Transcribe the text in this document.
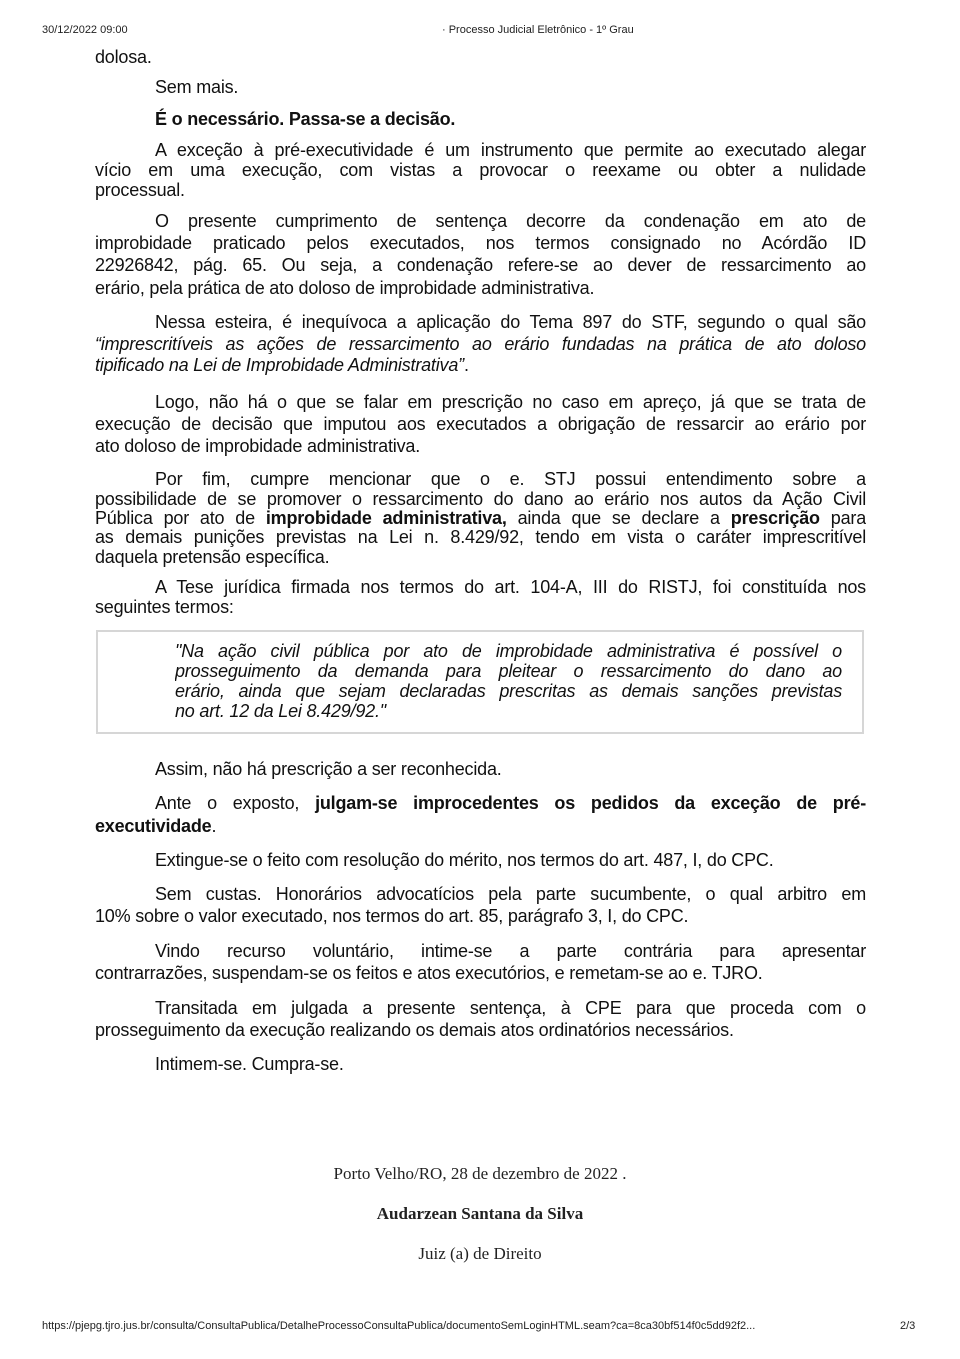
30/12/2022 09:00	· Processo Judicial Eletrônico - 1º Grau
dolosa.
Sem mais.
É o necessário. Passa-se a decisão.
A exceção à pré-executividade é um instrumento que permite ao executado alegar
vício em uma execução, com vistas a provocar o reexame ou obter a nulidade
processual.
O presente cumprimento de sentença decorre da condenação em ato de
improbidade praticado pelos executados, nos termos consignado no Acórdão ID
22926842, pág. 65. Ou seja, a condenação refere-se ao dever de ressarcimento ao
erário, pela prática de ato doloso de improbidade administrativa.
Nessa esteira, é inequívoca a aplicação do Tema 897 do STF, segundo o qual são
“imprescritíveis as ações de ressarcimento ao erário fundadas na prática de ato doloso
tipificado na Lei de Improbidade Administrativa”.
Logo, não há o que se falar em prescrição no caso em apreço, já que se trata de
execução de decisão que imputou aos executados a obrigação de ressarcir ao erário por
ato doloso de improbidade administrativa.
Por fim, cumpre mencionar que o e. STJ possui entendimento sobre a
possibilidade de se promover o ressarcimento do dano ao erário nos autos da Ação Civil
Pública por ato de improbidade administrativa, ainda que se declare a prescrição para
as demais punições previstas na Lei n. 8.429/92, tendo em vista o caráter imprescritível
daquela pretensão específica.
A Tese jurídica firmada nos termos do art. 104-A, III do RISTJ, foi constituída nos
seguintes termos:
"Na ação civil pública por ato de improbidade administrativa é possível o
prosseguimento da demanda para pleitear o ressarcimento do dano ao
erário, ainda que sejam declaradas prescritas as demais sanções previstas
no art. 12 da Lei 8.429/92."
Assim, não há prescrição a ser reconhecida.
Ante o exposto, julgam-se improcedentes os pedidos da exceção de pré-
executividade.
Extingue-se o feito com resolução do mérito, nos termos do art. 487, I, do CPC.
Sem custas. Honorários advocatícios pela parte sucumbente, o qual arbitro em
10% sobre o valor executado, nos termos do art. 85, parágrafo 3, I, do CPC.
Vindo recurso voluntário, intime-se a parte contrária para apresentar
contrarrazões, suspendam-se os feitos e atos executórios, e remetam-se ao e. TJRO.
Transitada em julgada a presente sentença, à CPE para que proceda com o
prosseguimento da execução realizando os demais atos ordinatórios necessários.
Intimem-se. Cumpra-se.
Porto Velho/RO, 28 de dezembro de 2022 .
Audarzean Santana da Silva
Juiz (a) de Direito
https://pjepg.tjro.jus.br/consulta/ConsultaPublica/DetalheProcessoConsultaPublica/documentoSemLoginHTML.seam?ca=8ca30bf514f0c5dd92f2...	2/3
